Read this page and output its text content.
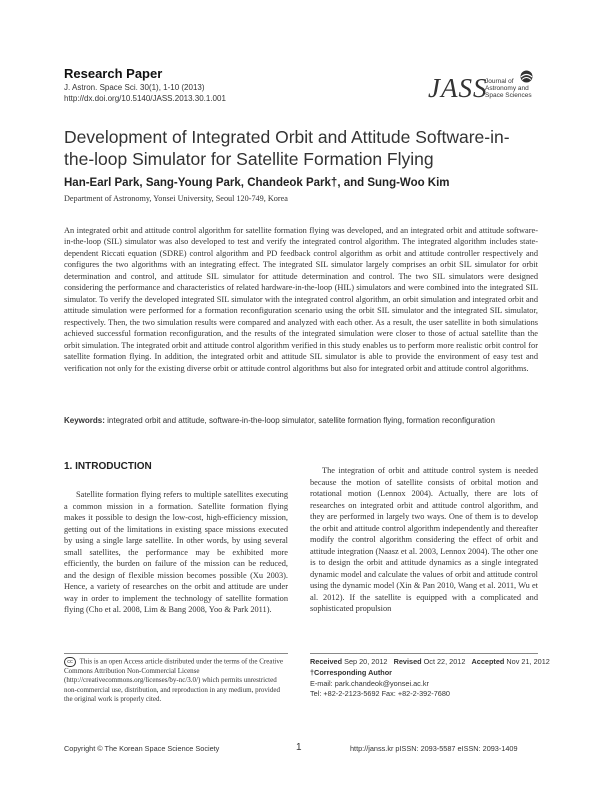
Research Paper
J. Astron. Space Sci. 30(1), 1-10 (2013)
http://dx.doi.org/10.5140/JASS.2013.30.1.001	JASS
Journal of
Astronomy and
Space Sciences
Development of Integrated Orbit and Attitude Software-in-the-loop Simulator for Satellite Formation Flying
Han-Earl Park, Sang-Young Park, Chandeok Park†, and Sung-Woo Kim
Department of Astronomy, Yonsei University, Seoul 120-749, Korea
An integrated orbit and attitude control algorithm for satellite formation flying was developed, and an integrated orbit and attitude software-in-the-loop (SIL) simulator was also developed to test and verify the integrated control algorithm. The integrated algorithm includes state-dependent Riccati equation (SDRE) control algorithm and PD feedback control algorithm as orbit and attitude controller respectively and configures the two algorithms with an integrating effect. The integrated SIL simulator largely comprises an orbit SIL simulator for orbit determination and control, and attitude SIL simulator for attitude determination and control. The two SIL simulators were designed considering the performance and characteristics of related hardware-in-the-loop (HIL) simulators and were combined into the integrated SIL simulator. To verify the developed integrated SIL simulator with the integrated control algorithm, an orbit simulation and integrated orbit and attitude simulation were performed for a formation reconfiguration scenario using the orbit SIL simulator and the integrated SIL simulator, respectively. Then, the two simulation results were compared and analyzed with each other. As a result, the user satellite in both simulations achieved successful formation reconfiguration, and the results of the integrated simulation were closer to those of actual satellite than the orbit simulation. The integrated orbit and attitude control algorithm verified in this study enables us to perform more realistic orbit control for satellite formation flying. In addition, the integrated orbit and attitude SIL simulator is able to provide the environment of easy test and verification not only for the existing diverse orbit or attitude control algorithms but also for integrated orbit and attitude control algorithms.
Keywords: integrated orbit and attitude, software-in-the-loop simulator, satellite formation flying, formation reconfiguration
1. INTRODUCTION
Satellite formation flying refers to multiple satellites executing a common mission in a formation. Satellite formation flying makes it possible to design the low-cost, high-efficiency mission, getting out of the limitations in existing space missions executed by using a single large satellite. In other words, by using several small satellites, the performance may be exhibited more efficiently, the burden on failure of the mission can be reduced, and the design of flexible mission becomes possible (Xu 2003). Hence, a variety of researches on the orbit and attitude are under way in order to implement the technology of satellite formation flying (Cho et al. 2008, Lim & Bang 2008, Yoo & Park 2011).
The integration of orbit and attitude control system is needed because the motion of satellite consists of orbital motion and rotational motion (Lennox 2004). Actually, there are lots of researches on integrated orbit and attitude control algorithm, and they are performed in largely two ways. One of them is to develop the orbit and attitude control algorithm independently and thereafter modify the control algorithm considering the effect of orbit and attitude integration (Naasz et al. 2003, Lennox 2004). The other one is to design the orbit and attitude dynamics as a single integrated dynamic model and calculate the values of orbit and attitude control using the dynamic model (Xin & Pan 2010, Wang et al. 2011, Wu et al. 2012). If the satellite is equipped with a complicated and sophisticated propulsion
cc This is an open Access article distributed under the terms of the Creative Commons Attribution Non-Commercial License (http://creativecommons.org/licenses/by-nc/3.0/) which permits unrestricted non-commercial use, distribution, and reproduction in any medium, provided the original work is properly cited.
Received Sep 20, 2012 Revised Oct 22, 2012 Accepted Nov 21, 2012
†Corresponding Author
E-mail: park.chandeok@yonsei.ac.kr
Tel: +82-2-2123-5692 Fax: +82-2-392-7680
Copyright © The Korean Space Science Society	1	http://janss.kr pISSN: 2093-5587 eISSN: 2093-1409
